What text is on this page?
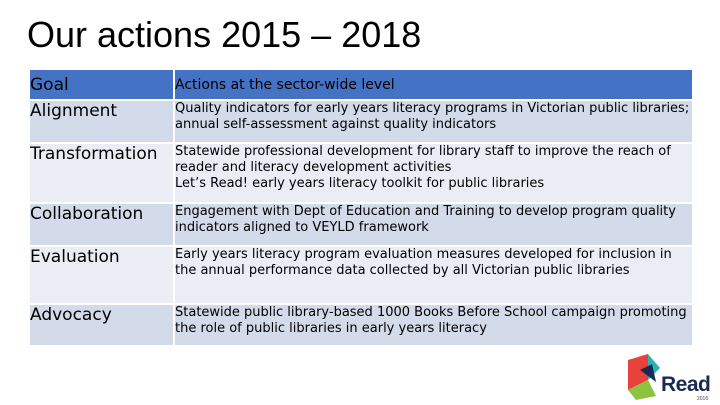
Our actions 2015 – 2018
Goal	Actions at the sector-wide level
Alignment	Quality indicators for early years literacy programs in Victorian public libraries; annual self-assessment against quality indicators
Transformation	Statewide professional development for library staff to improve the reach of reader and literacy development activities
Let’s Read! early years literacy toolkit for public libraries
Collaboration	Engagement with Dept of Education and Training to develop program quality indicators aligned to VEYLD framework
Evaluation	Early years literacy program evaluation measures developed for inclusion in the annual performance data collected by all Victorian public libraries
Advocacy	Statewide public library-based 1000 Books Before School campaign promoting the role of public libraries in early years literacy
Read
2016
